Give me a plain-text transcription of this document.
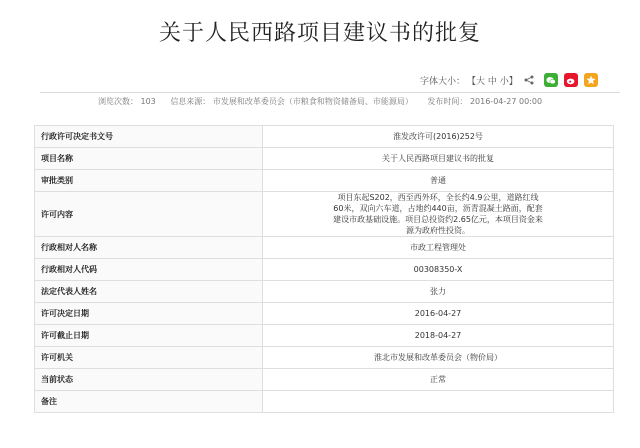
关于人民西路项目建议书的批复
字体大小： 【大 中 小】
浏览次数： 103 信息来源： 市发展和改革委员会（市粮食和物资储备局、市能源局） 发布时间： 2016-04-27 00:00
行政许可决定书文号	淮发改许可(2016)252号
项目名称	关于人民西路项目建议书的批复
审批类别	普通
许可内容	项目东起S202，西至西外环，全长约4.9公里，道路红线60米，双向六车道，占地约440亩，沥青混凝土路面，配套建设市政基础设施。项目总投资约2.65亿元，本项目资金来源为政府性投资。
行政相对人名称	市政工程管理处
行政相对人代码	00308350-X
法定代表人姓名	张力
许可决定日期	2016-04-27
许可截止日期	2018-04-27
许可机关	淮北市发展和改革委员会（物价局）
当前状态	正常
备注	
